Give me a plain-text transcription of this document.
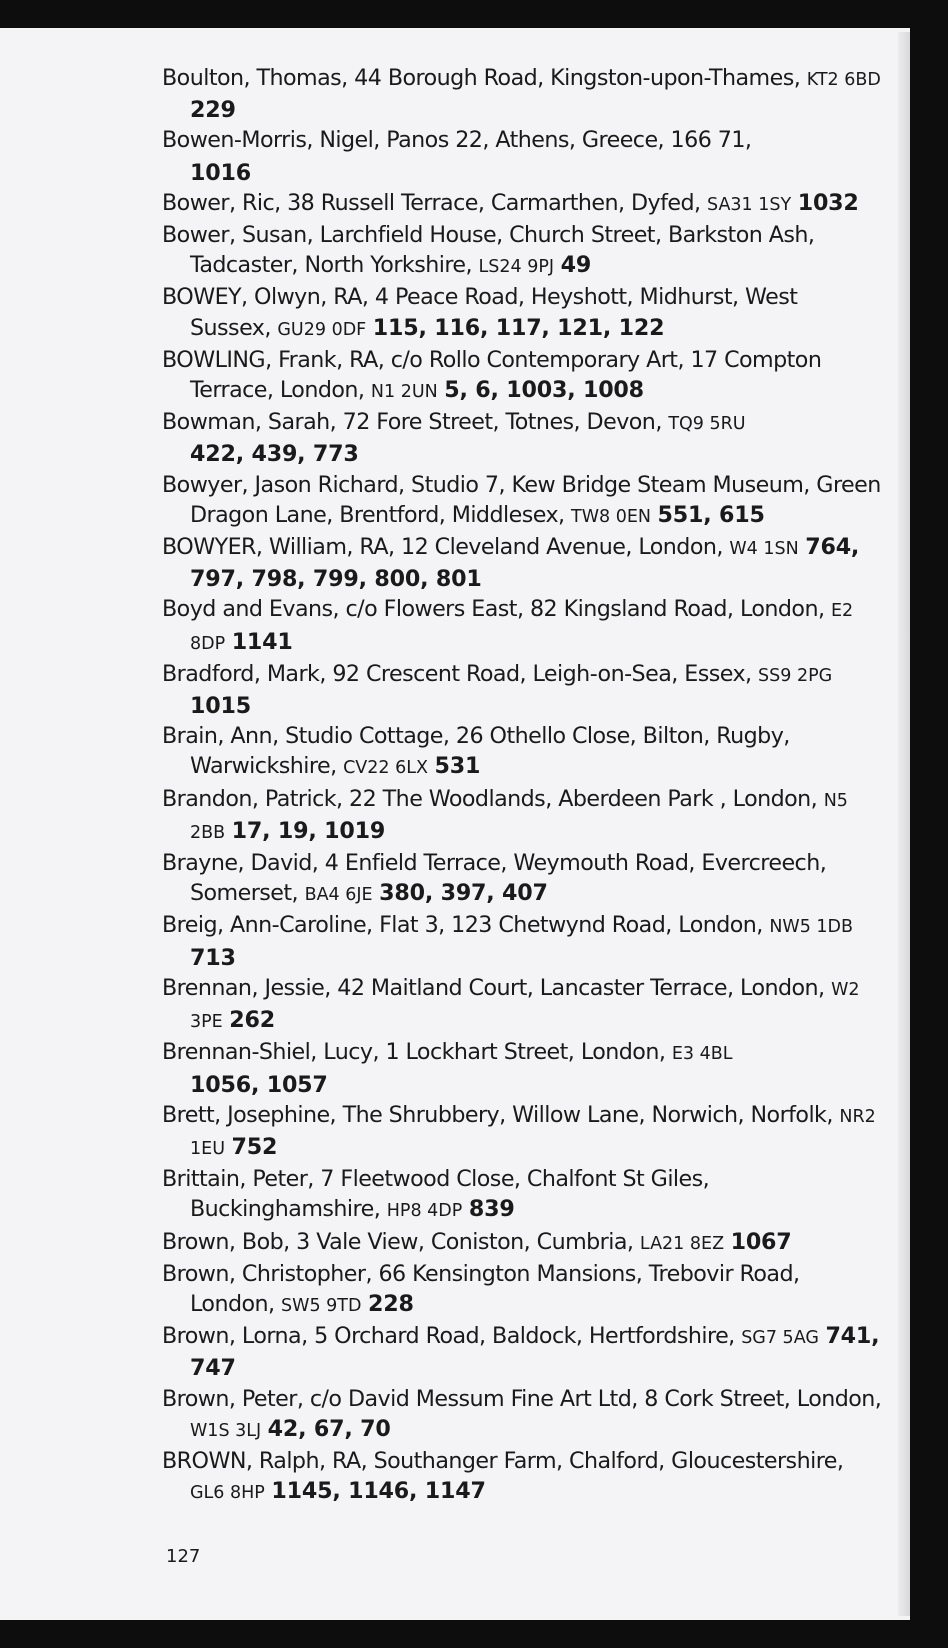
Boulton, Thomas, 44 Borough Road, Kingston-upon-Thames, KT2 6BD 229

Bowen-Morris, Nigel, Panos 22, Athens, Greece, 166 71,
1016

Bower, Ric, 38 Russell Terrace, Carmarthen, Dyfed, SA31 1SY 1032

Bower, Susan, Larchfield House, Church Street, Barkston Ash, Tadcaster, North Yorkshire, LS24 9PJ 49

BOWEY, Olwyn, RA, 4 Peace Road, Heyshott, Midhurst, West Sussex, GU29 0DF 115, 116, 117, 121, 122

BOWLING, Frank, RA, c/o Rollo Contemporary Art, 17 Compton Terrace, London, N1 2UN 5, 6, 1003, 1008

Bowman, Sarah, 72 Fore Street, Totnes, Devon, TQ9 5RU
422, 439, 773

Bowyer, Jason Richard, Studio 7, Kew Bridge Steam Museum, Green Dragon Lane, Brentford, Middlesex, TW8 0EN 551, 615

BOWYER, William, RA, 12 Cleveland Avenue, London, W4 1SN 764, 797, 798, 799, 800, 801

Boyd and Evans, c/o Flowers East, 82 Kingsland Road, London, E2 8DP 1141

Bradford, Mark, 92 Crescent Road, Leigh-on-Sea, Essex, SS9 2PG 1015

Brain, Ann, Studio Cottage, 26 Othello Close, Bilton, Rugby, Warwickshire, CV22 6LX 531

Brandon, Patrick, 22 The Woodlands, Aberdeen Park , London, N5 2BB 17, 19, 1019

Brayne, David, 4 Enfield Terrace, Weymouth Road, Evercreech, Somerset, BA4 6JE 380, 397, 407

Breig, Ann-Caroline, Flat 3, 123 Chetwynd Road, London, NW5 1DB 713

Brennan, Jessie, 42 Maitland Court, Lancaster Terrace, London, W2 3PE 262

Brennan-Shiel, Lucy, 1 Lockhart Street, London, E3 4BL
1056, 1057

Brett, Josephine, The Shrubbery, Willow Lane, Norwich, Norfolk, NR2 1EU 752

Brittain, Peter, 7 Fleetwood Close, Chalfont St Giles, Buckinghamshire, HP8 4DP 839

Brown, Bob, 3 Vale View, Coniston, Cumbria, LA21 8EZ 1067

Brown, Christopher, 66 Kensington Mansions, Trebovir Road, London, SW5 9TD 228

Brown, Lorna, 5 Orchard Road, Baldock, Hertfordshire, SG7 5AG 741, 747

Brown, Peter, c/o David Messum Fine Art Ltd, 8 Cork Street, London, W1S 3LJ 42, 67, 70

BROWN, Ralph, RA, Southanger Farm, Chalford, Gloucestershire, GL6 8HP 1145, 1146, 1147

127
